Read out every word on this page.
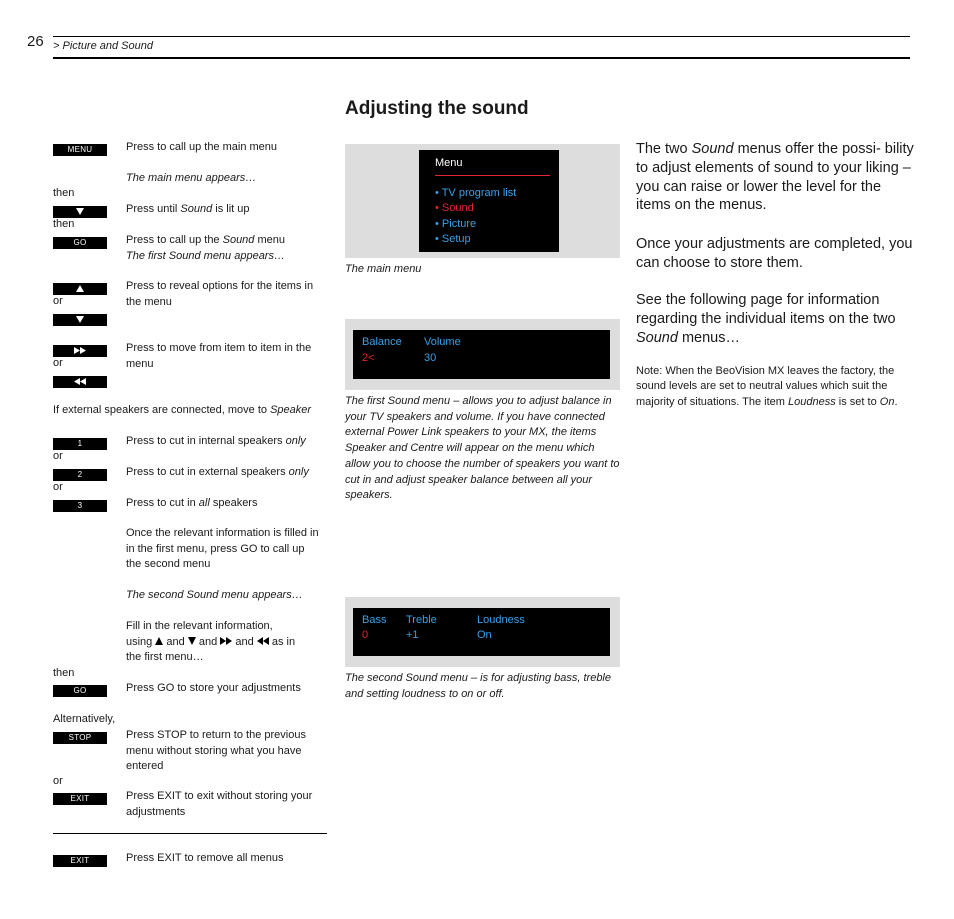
26 > Picture and Sound
Adjusting the sound
MENU	Press to call up the main menu
The main menu appears…
then
Press until Sound is lit up
then
GO	Press to call up the Sound menu
The first Sound menu appears…
or
Press to reveal options for the items in the menu
or
Press to move from item to item in the menu
If external speakers are connected, move to Speaker
1	Press to cut in internal speakers only
or
2	Press to cut in external speakers only
or
3	Press to cut in all speakers
Once the relevant information is filled in in the first menu, press GO to call up the second menu
The second Sound menu appears…
Fill in the relevant information,
using  and  and  and  as in
the first menu…
then
GO	Press GO to store your adjustments
Alternatively,
STOP	Press STOP to return to the previous menu without storing what you have entered
or
EXIT	Press EXIT to exit without storing your adjustments
EXIT	Press EXIT to remove all menus
Menu
• TV program list
• Sound
• Picture
• Setup
The main menu
Balance Volume
2<	30
The first Sound menu – allows you to adjust balance in your TV speakers and volume. If you have connected external Power Link speakers to your MX, the items Speaker and Centre will appear on the menu which allow you to choose the number of speakers you want to cut in and adjust speaker balance between all your speakers.
Bass Treble	Loudness
0	+1	On
The second Sound menu – is for adjusting bass, treble and setting loudness to on or off.
The two Sound menus offer the possi- bility to adjust elements of sound to your liking – you can raise or lower the level for the items on the menus.
Once your adjustments are completed, you can choose to store them.
See the following page for information regarding the individual items on the two Sound menus…
Note: When the BeoVision MX leaves the factory, the sound levels are set to neutral values which suit the majority of situations. The item Loudness is set to On.
